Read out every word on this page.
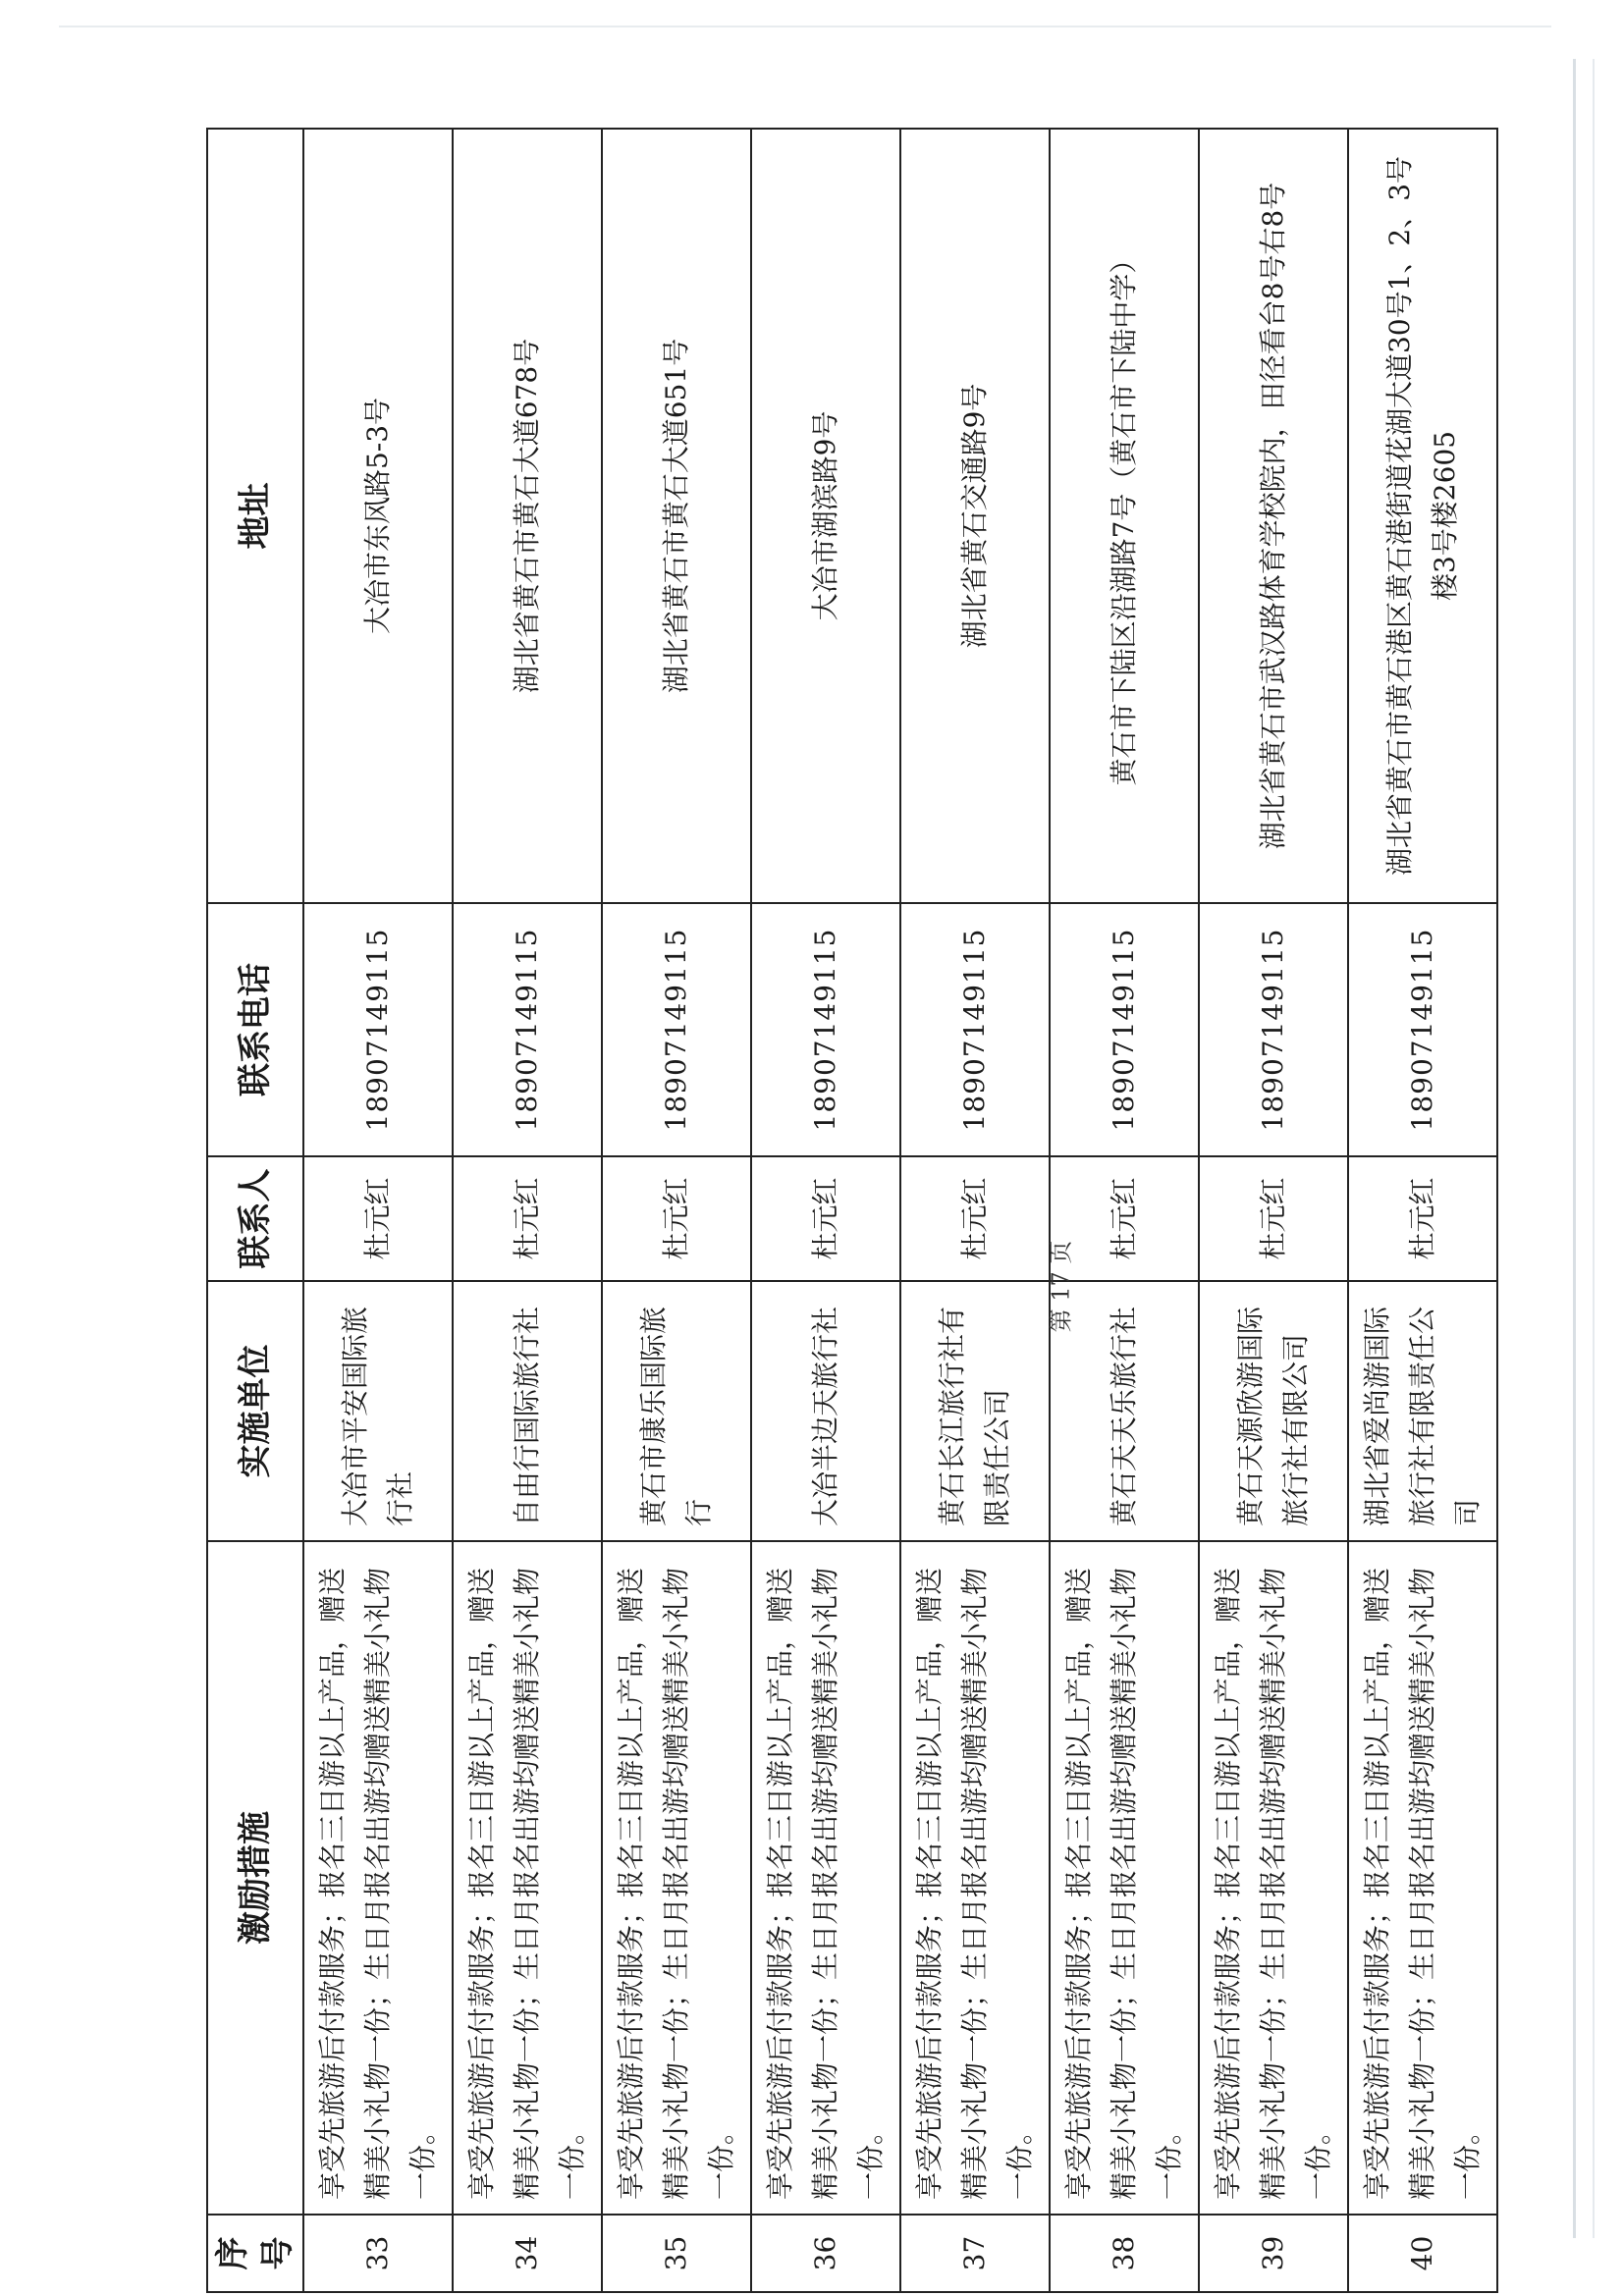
序号	激励措施	实施单位	联系人	联系电话	地址
33	享受先旅游后付款服务；报名三日游以上产品，赠送精美小礼物一份；生日月报名出游均赠送精美小礼物一份。	大冶市平安国际旅行社	杜元红	18907149115	大冶市东风路5-3号
34	享受先旅游后付款服务；报名三日游以上产品，赠送精美小礼物一份；生日月报名出游均赠送精美小礼物一份。	自由行国际旅行社	杜元红	18907149115	湖北省黄石市黄石大道678号
35	享受先旅游后付款服务；报名三日游以上产品，赠送精美小礼物一份；生日月报名出游均赠送精美小礼物一份。	黄石市康乐国际旅行	杜元红	18907149115	湖北省黄石市黄石大道651号
36	享受先旅游后付款服务；报名三日游以上产品，赠送精美小礼物一份；生日月报名出游均赠送精美小礼物一份。	大冶半边天旅行社	杜元红	18907149115	大冶市湖滨路9号
37	享受先旅游后付款服务；报名三日游以上产品，赠送精美小礼物一份；生日月报名出游均赠送精美小礼物一份。	黄石长江旅行社有限责任公司	杜元红	18907149115	湖北省黄石交通路9号
38	享受先旅游后付款服务；报名三日游以上产品，赠送精美小礼物一份；生日月报名出游均赠送精美小礼物一份。	黄石天天乐旅行社	杜元红	18907149115	黄石市下陆区沿湖路7号（黄石市下陆中学）
39	享受先旅游后付款服务；报名三日游以上产品，赠送精美小礼物一份；生日月报名出游均赠送精美小礼物一份。	黄石天源欣游国际旅行社有限公司	杜元红	18907149115	湖北省黄石市武汉路体育学校院内，田径看台8号右8号
40	享受先旅游后付款服务；报名三日游以上产品，赠送精美小礼物一份；生日月报名出游均赠送精美小礼物一份。	湖北省爱尚游国际旅行社有限责任公司	杜元红	18907149115	湖北省黄石市黄石港区黄石港街道花湖大道30号1、2、3号楼3号楼2605
第 17 页
